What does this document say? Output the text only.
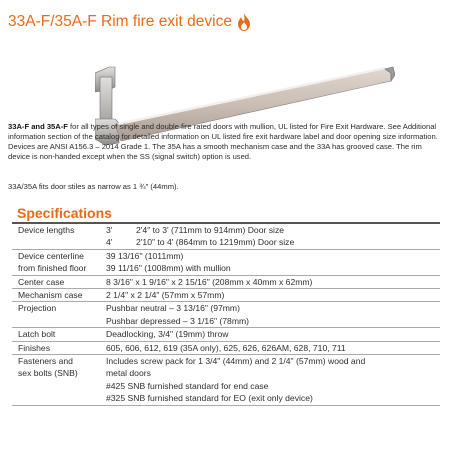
33A-F/35A-F Rim fire exit device
33A-F and 35A-F for all types of single and double fire rated doors with mullion, UL listed for Fire Exit Hardware. See Additional information section of the catalog for detailed information on UL listed fire exit hardware label and door opening size information. Devices are ANSI A156.3 – 2014 Grade 1. The 35A has a smooth mechanism case and the 33A has grooved case. The rim device is non-handed except when the SS (signal switch) option is used.
33A/35A fits door stiles as narrow as 1 ¾" (44mm).
Specifications
Device lengths	3' 2'4" to 3' (711mm to 914mm) Door size
4' 2'10" to 4' (864mm to 1219mm) Door size

Device centerline
from finished floor	39 13/16" (1011mm)
39 11/16" (1008mm) with mullion

Center case	8 3/16" x 1 9/16" x 2 15/16" (208mm x 40mm x 62mm)
Mechanism case	2 1/4" x 2 1/4" (57mm x 57mm)
Projection	Pushbar neutral – 3 13/16" (97mm)
Pushbar depressed – 3 1/16" (78mm)

Latch bolt	Deadlocking, 3/4" (19mm) throw
Finishes	605, 606, 612, 619 (35A only), 625, 626, 626AM, 628, 710, 711

Fasteners and
sex bolts (SNB)	Includes screw pack for 1 3/4" (44mm) and 2 1/4" (57mm) wood and
metal doors
#425 SNB furnished standard for end case
#325 SNB furnished standard for EO (exit only device)
